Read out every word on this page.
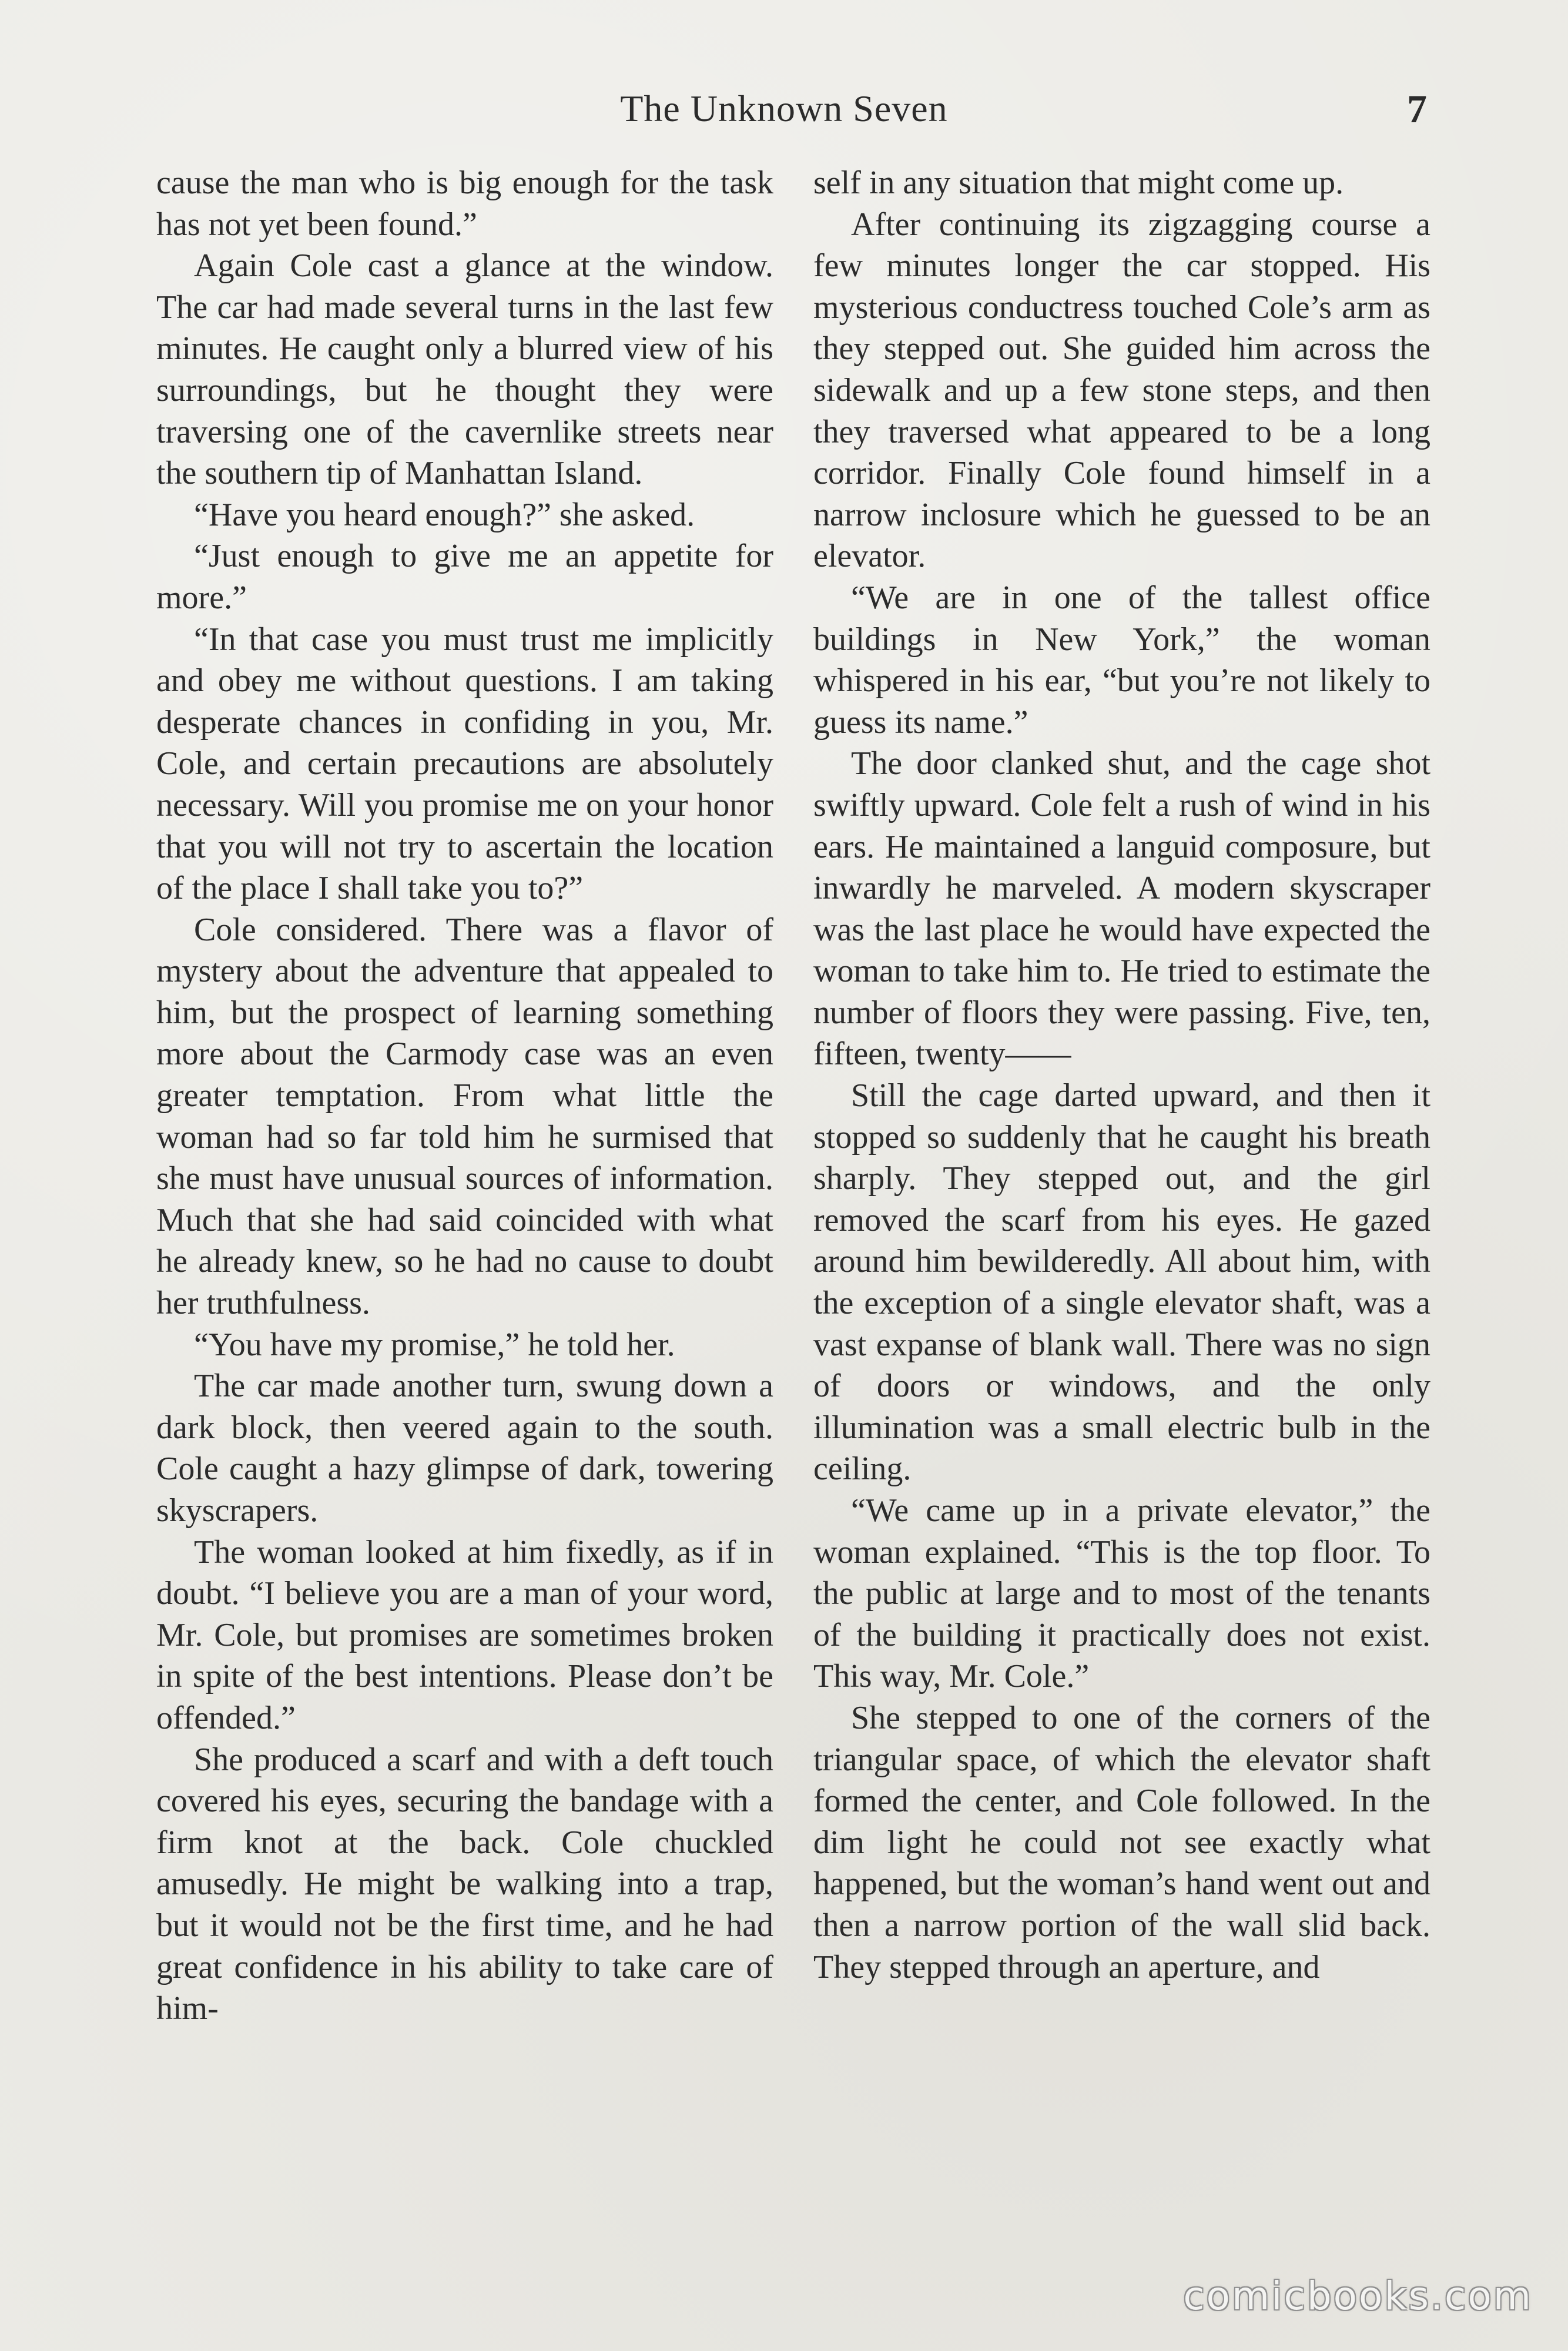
The Unknown Seven	7

cause the man who is big enough for the task has not yet been found.”

Again Cole cast a glance at the window. The car had made several turns in the last few minutes. He caught only a blurred view of his surroundings, but he thought they were traversing one of the cavernlike streets near the southern tip of Manhattan Island.

“Have you heard enough?” she asked.

“Just enough to give me an appetite for more.”

“In that case you must trust me implicitly and obey me without questions. I am taking desperate chances in confiding in you, Mr. Cole, and certain precautions are absolutely necessary. Will you promise me on your honor that you will not try to ascertain the location of the place I shall take you to?”

Cole considered. There was a flavor of mystery about the adventure that appealed to him, but the prospect of learning something more about the Carmody case was an even greater temptation. From what little the woman had so far told him he surmised that she must have unusual sources of information. Much that she had said coincided with what he already knew, so he had no cause to doubt her truthfulness.

“You have my promise,” he told her.

The car made another turn, swung down a dark block, then veered again to the south. Cole caught a hazy glimpse of dark, towering skyscrapers.

The woman looked at him fixedly, as if in doubt. “I believe you are a man of your word, Mr. Cole, but promises are sometimes broken in spite of the best intentions. Please don’t be offended.”

She produced a scarf and with a deft touch covered his eyes, securing the bandage with a firm knot at the back. Cole chuckled amusedly. He might be walking into a trap, but it would not be the first time, and he had great confidence in his ability to take care of him-

self in any situation that might come up.

After continuing its zigzagging course a few minutes longer the car stopped. His mysterious conductress touched Cole’s arm as they stepped out. She guided him across the sidewalk and up a few stone steps, and then they traversed what appeared to be a long corridor. Finally Cole found himself in a narrow inclosure which he guessed to be an elevator.

“We are in one of the tallest office buildings in New York,” the woman whispered in his ear, “but you’re not likely to guess its name.”

The door clanked shut, and the cage shot swiftly upward. Cole felt a rush of wind in his ears. He maintained a languid composure, but inwardly he marveled. A modern skyscraper was the last place he would have expected the woman to take him to. He tried to estimate the number of floors they were passing. Five, ten, fifteen, twenty——

Still the cage darted upward, and then it stopped so suddenly that he caught his breath sharply. They stepped out, and the girl removed the scarf from his eyes. He gazed around him bewilderedly. All about him, with the exception of a single elevator shaft, was a vast expanse of blank wall. There was no sign of doors or windows, and the only illumination was a small electric bulb in the ceiling.

“We came up in a private elevator,” the woman explained. “This is the top floor. To the public at large and to most of the tenants of the building it practically does not exist. This way, Mr. Cole.”

She stepped to one of the corners of the triangular space, of which the elevator shaft formed the center, and Cole followed. In the dim light he could not see exactly what happened, but the woman’s hand went out and then a narrow portion of the wall slid back. They stepped through an aperture, and

comicbooks.com
